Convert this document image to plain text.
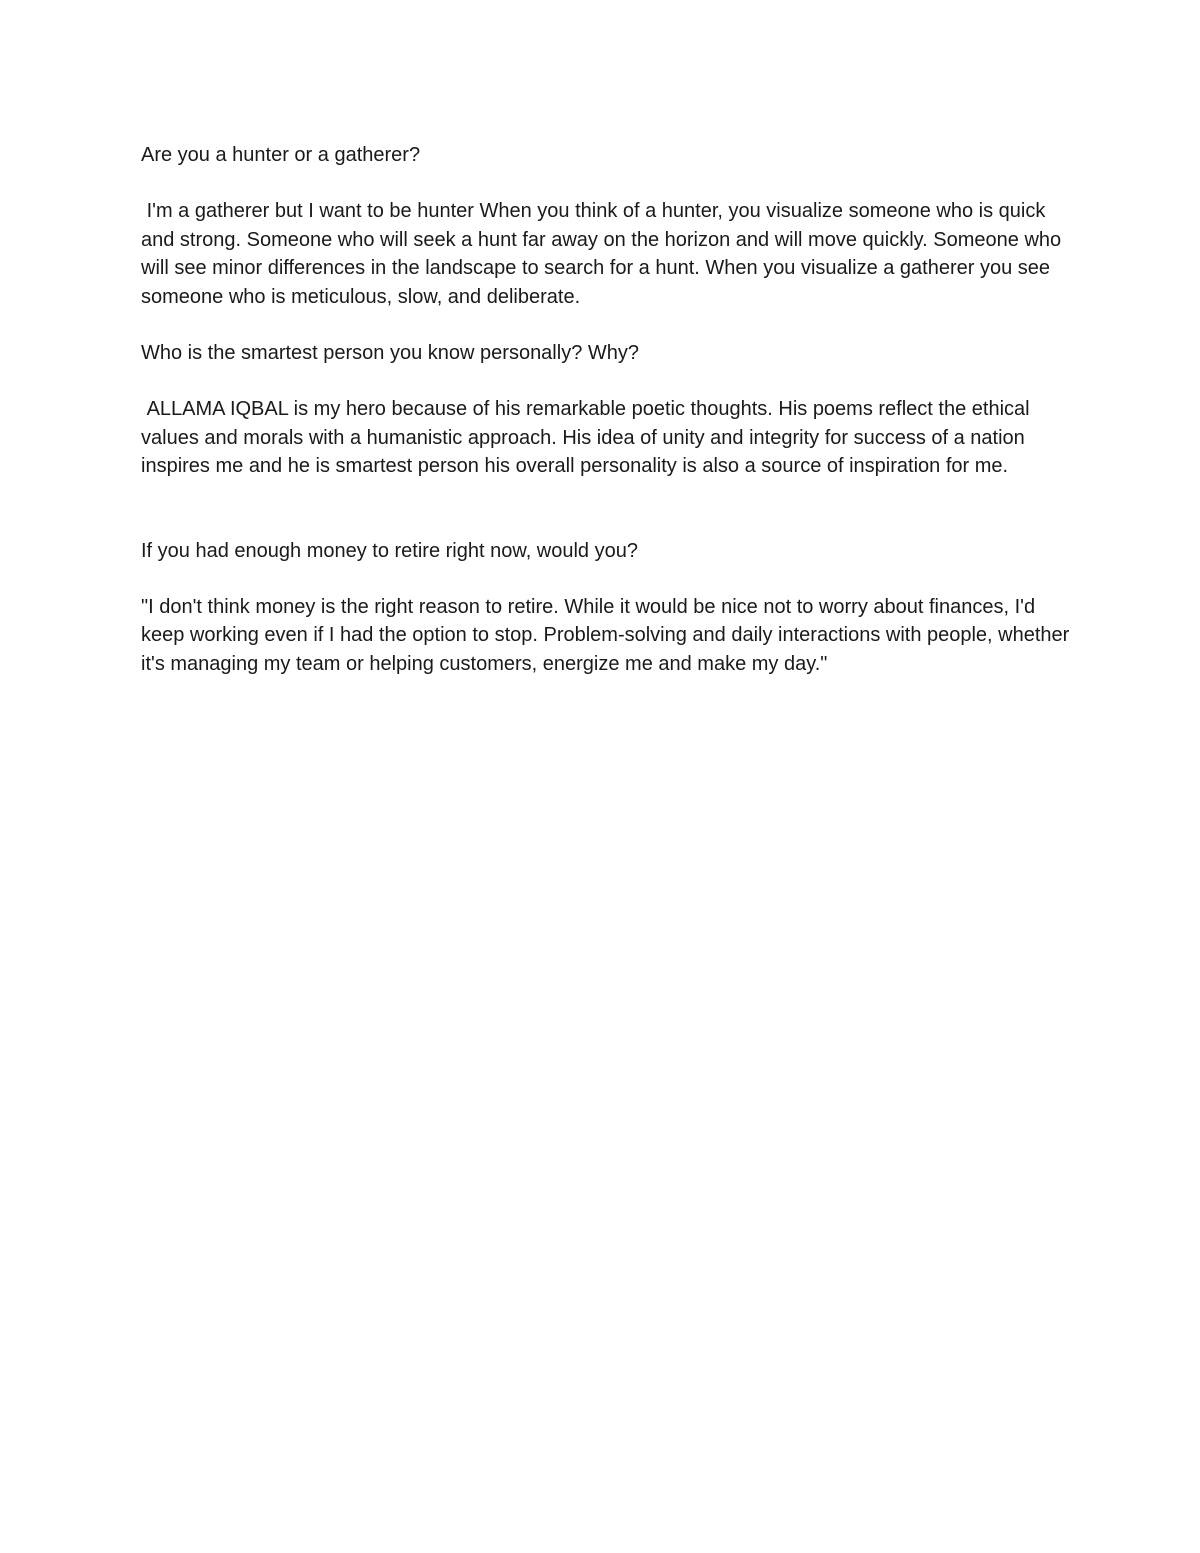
Are you a hunter or a gatherer?

I'm a gatherer but I want to be hunter When you think of a hunter, you visualize someone who is quick and strong. Someone who will seek a hunt far away on the horizon and will move quickly. Someone who will see minor differences in the landscape to search for a hunt. When you visualize a gatherer you see someone who is meticulous, slow, and deliberate.

Who is the smartest person you know personally? Why?

ALLAMA IQBAL is my hero because of his remarkable poetic thoughts. His poems reflect the ethical values and morals with a humanistic approach. His idea of unity and integrity for success of a nation inspires me and he is smartest person his overall personality is also a source of inspiration for me.

If you had enough money to retire right now, would you?

"I don't think money is the right reason to retire. While it would be nice not to worry about finances, I'd keep working even if I had the option to stop. Problem-solving and daily interactions with people, whether it's managing my team or helping customers, energize me and make my day."
